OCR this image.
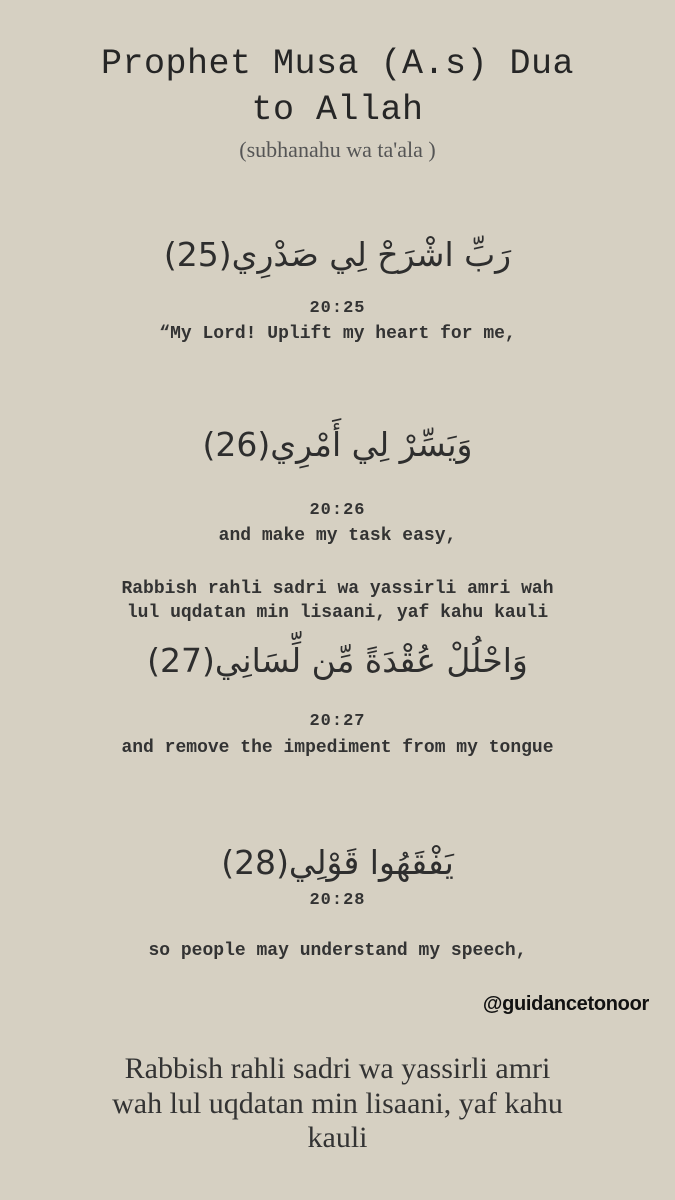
Prophet Musa (A.s) Dua
to Allah
(subhanahu wa ta'ala )
رَبِّ اشْرَحْ لِي صَدْرِي(25)
20:25
“My Lord! Uplift my heart for me,
وَيَسِّرْ لِي أَمْرِي(26)
20:26
and make my task easy,
Rabbish rahli sadri wa yassirli amri wah
lul uqdatan min lisaani, yaf kahu kauli
وَاحْلُلْ عُقْدَةً مِّن لِّسَانِي(27)
20:27
and remove the impediment from my tongue
يَفْقَهُوا قَوْلِي(28)
20:28
so people may understand my speech,
@guidancetonoor
Rabbish rahli sadri wa yassirli amri
wah lul uqdatan min lisaani, yaf kahu
kauli
